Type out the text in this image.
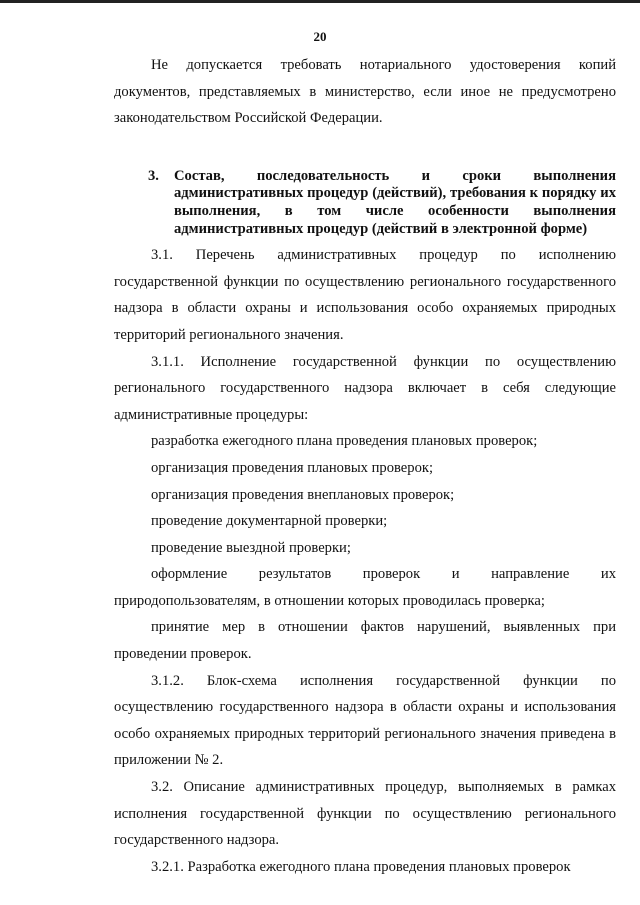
20

Не допускается требовать нотариального удостоверения копий документов, представляемых в министерство, если иное не предусмотрено законодательством Российской Федерации.

3. Состав, последовательность и сроки выполнения административных процедур (действий), требования к порядку их выполнения, в том числе особенности выполнения административных процедур (действий в электронной форме)

3.1. Перечень административных процедур по исполнению государственной функции по осуществлению регионального государственного надзора в области охраны и использования особо охраняемых природных территорий регионального значения.

3.1.1. Исполнение государственной функции по осуществлению регионального государственного надзора включает в себя следующие административные процедуры:

разработка ежегодного плана проведения плановых проверок;

организация проведения плановых проверок;

организация проведения внеплановых проверок;

проведение документарной проверки;

проведение выездной проверки;

оформление результатов проверок и направление их природопользователям, в отношении которых проводилась проверка;

принятие мер в отношении фактов нарушений, выявленных при проведении проверок.

3.1.2. Блок-схема исполнения государственной функции по осуществлению государственного надзора в области охраны и использования особо охраняемых природных территорий регионального значения приведена в приложении № 2.

3.2. Описание административных процедур, выполняемых в рамках исполнения государственной функции по осуществлению регионального государственного надзора.

3.2.1. Разработка ежегодного плана проведения плановых проверок
